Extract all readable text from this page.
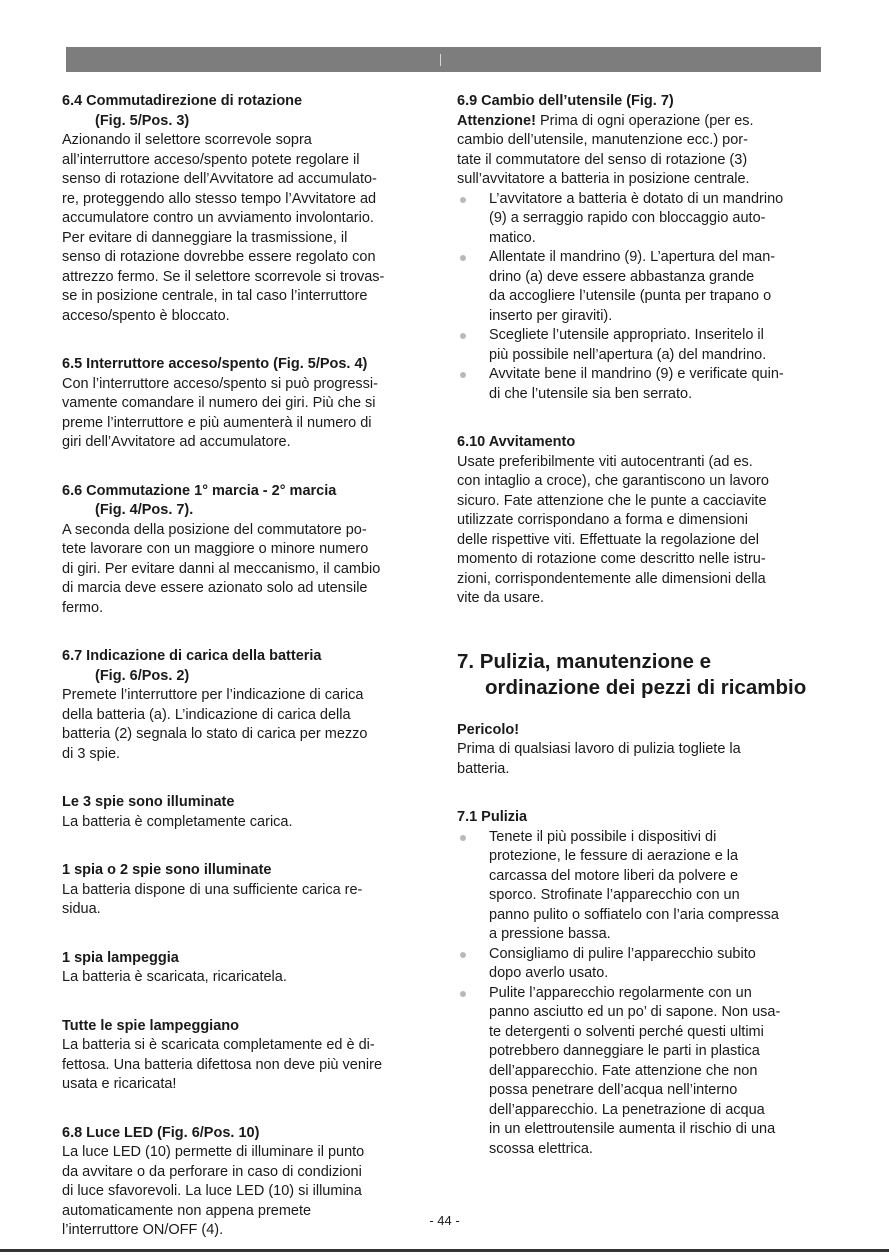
6.4 Commutadirezione di rotazione

(Fig. 5/Pos. 3)

Azionando il selettore scorrevole sopra
all’interruttore acceso/spento potete regolare il
senso di rotazione dell’Avvitatore ad accumulato-
re, proteggendo allo stesso tempo l’Avvitatore ad
accumulatore contro un avviamento involontario.
Per evitare di danneggiare la trasmissione, il
senso di rotazione dovrebbe essere regolato con
attrezzo fermo. Se il selettore scorrevole si trovas-
se in posizione centrale, in tal caso l’interruttore
acceso/spento è bloccato.

6.5 Interruttore acceso/spento (Fig. 5/Pos. 4)

Con l’interruttore acceso/spento si può progressi-
vamente comandare il numero dei giri. Più che si
preme l’interruttore e più aumenterà il numero di
giri dell’Avvitatore ad accumulatore.

6.6 Commutazione 1° marcia - 2° marcia

(Fig. 4/Pos. 7).

A seconda della posizione del commutatore po-
tete lavorare con un maggiore o minore numero
di giri. Per evitare danni al meccanismo, il cambio
di marcia deve essere azionato solo ad utensile
fermo.

6.7 Indicazione di carica della batteria

(Fig. 6/Pos. 2)

Premete l’interruttore per l’indicazione di carica
della batteria (a). L’indicazione di carica della
batteria (2) segnala lo stato di carica per mezzo
di 3 spie.

Le 3 spie sono illuminate

La batteria è completamente carica.

1 spia o 2 spie sono illuminate

La batteria dispone di una sufficiente carica re-
sidua.

1 spia lampeggia

La batteria è scaricata, ricaricatela.

Tutte le spie lampeggiano

La batteria si è scaricata completamente ed è di-
fettosa. Una batteria difettosa non deve più venire
usata e ricaricata!

6.8 Luce LED (Fig. 6/Pos. 10)

La luce LED (10) permette di illuminare il punto
da avvitare o da perforare in caso di condizioni
di luce sfavorevoli. La luce LED (10) si illumina
automaticamente non appena premete
l’interruttore ON/OFF (4).

6.9 Cambio dell’utensile (Fig. 7)

Attenzione! Prima di ogni operazione (per es.

cambio dell’utensile, manutenzione ecc.) por-
tate il commutatore del senso di rotazione (3)
sull’avvitatore a batteria in posizione centrale.
L’avvitatore a batteria è dotato di un mandrino
(9) a serraggio rapido con bloccaggio auto-
matico.
Allentate il mandrino (9). L’apertura del man-
drino (a) deve essere abbastanza grande
da accogliere l’utensile (punta per trapano o
inserto per giraviti).
Scegliete l’utensile appropriato. Inseritelo il
più possibile nell’apertura (a) del mandrino.
Avvitate bene il mandrino (9) e verificate quin-
di che l’utensile sia ben serrato.

6.10 Avvitamento

Usate preferibilmente viti autocentranti (ad es.
con intaglio a croce), che garantiscono un lavoro
sicuro. Fate attenzione che le punte a cacciavite
utilizzate corrispondano a forma e dimensioni
delle rispettive viti. Effettuate la regolazione del
momento di rotazione come descritto nelle istru-
zioni, corrispondentemente alle dimensioni della
vite da usare.
7. Pulizia, manutenzione e
ordinazione dei pezzi di ricambio

Pericolo!

Prima di qualsiasi lavoro di pulizia togliete la
batteria.

7.1 Pulizia

Tenete il più possibile i dispositivi di
protezione, le fessure di aerazione e la
carcassa del motore liberi da polvere e
sporco. Strofinate l’apparecchio con un
panno pulito o soffiatelo con l’aria compressa
a pressione bassa.
Consigliamo di pulire l’apparecchio subito
dopo averlo usato.
Pulite l’apparecchio regolarmente con un
panno asciutto ed un po’ di sapone. Non usa-
te detergenti o solventi perché questi ultimi
potrebbero danneggiare le parti in plastica
dell’apparecchio. Fate attenzione che non
possa penetrare dell’acqua nell’interno
dell’apparecchio. La penetrazione di acqua
in un elettroutensile aumenta il rischio di una
scossa elettrica.
- 44 -
